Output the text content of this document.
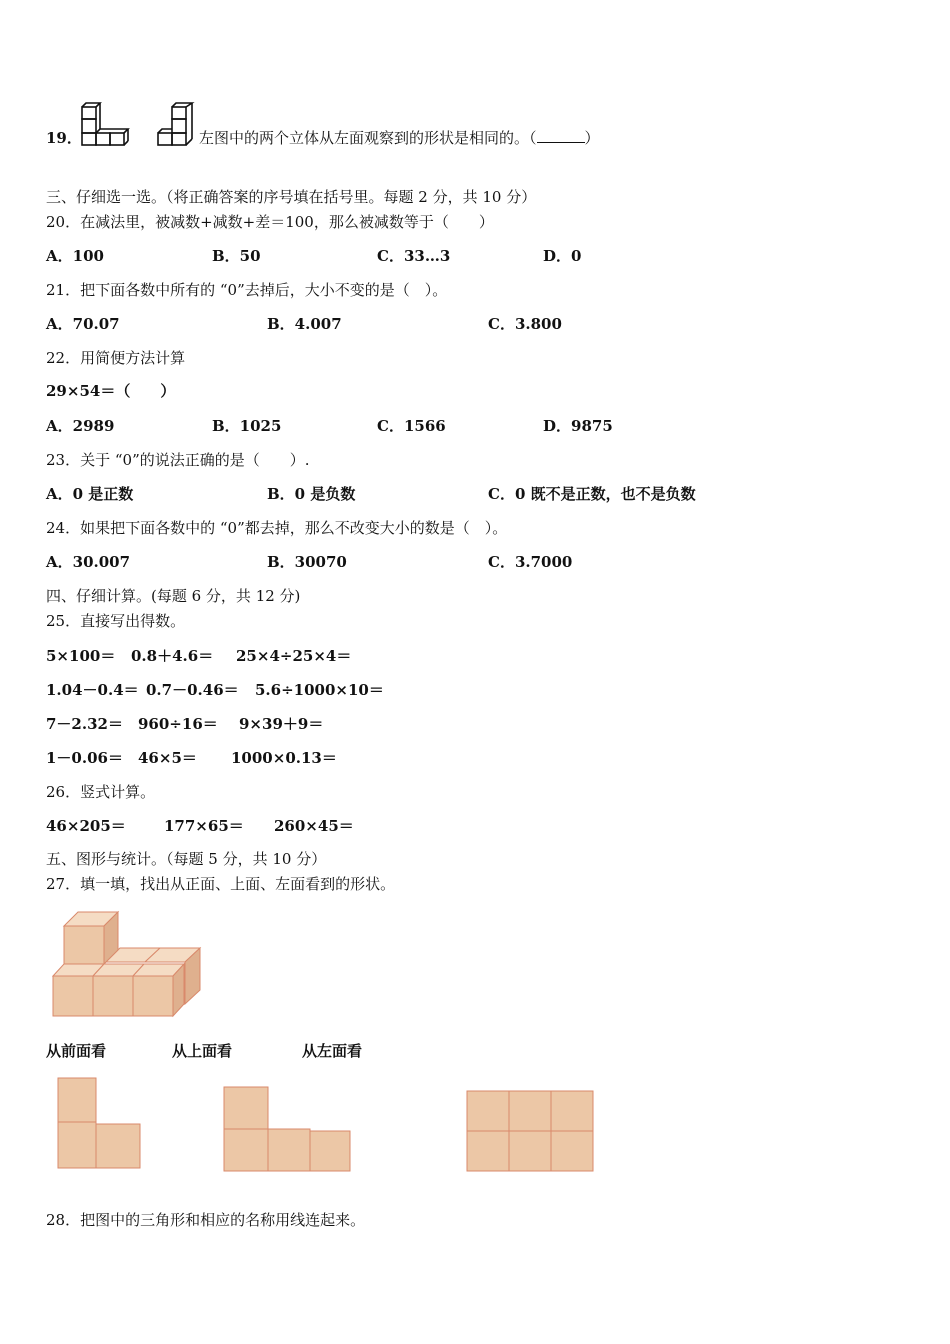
19．	左图中的两个立体从左面观察到的形状是相同的。（	）
三、仔细选一选。（将正确答案的序号填在括号里。每题 2 分，共 10 分）
20．在减法里，被减数+减数+差＝100，那么被减数等于（　　）
A．100	B．50	C．33…3	D．0
21．把下面各数中所有的 “0”去掉后，大小不变的是（　）。
A．70.07	B．4.007	C．3.800
22．用简便方法计算
29×54＝（　　）
A．2989	B．1025	C．1566	D．9875
23．关于 “0”的说法正确的是（　　）.
A．0 是正数	B．0 是负数	C．0 既不是正数，也不是负数
24．如果把下面各数中的 “0”都去掉，那么不改变大小的数是（　）。
A．30.007	B．30070	C．3.7000
四、仔细计算。(每题 6 分，共 12 分)
25．直接写出得数。
5×100＝ 0.8＋4.6＝ 25×4÷25×4＝
1.04－0.4＝ 0.7－0.46＝ 5.6÷1000×10＝
7－2.32＝ 960÷16＝ 9×39＋9＝
1－0.06＝ 46×5＝ 1000×0.13＝
26．竖式计算。
46×205＝	177×65＝ 260×45＝
五、图形与统计。（每题 5 分，共 10 分）
27．填一填，找出从正面、上面、左面看到的形状。
从前面看	从上面看	从左面看
28．把图中的三角形和相应的名称用线连起来。
